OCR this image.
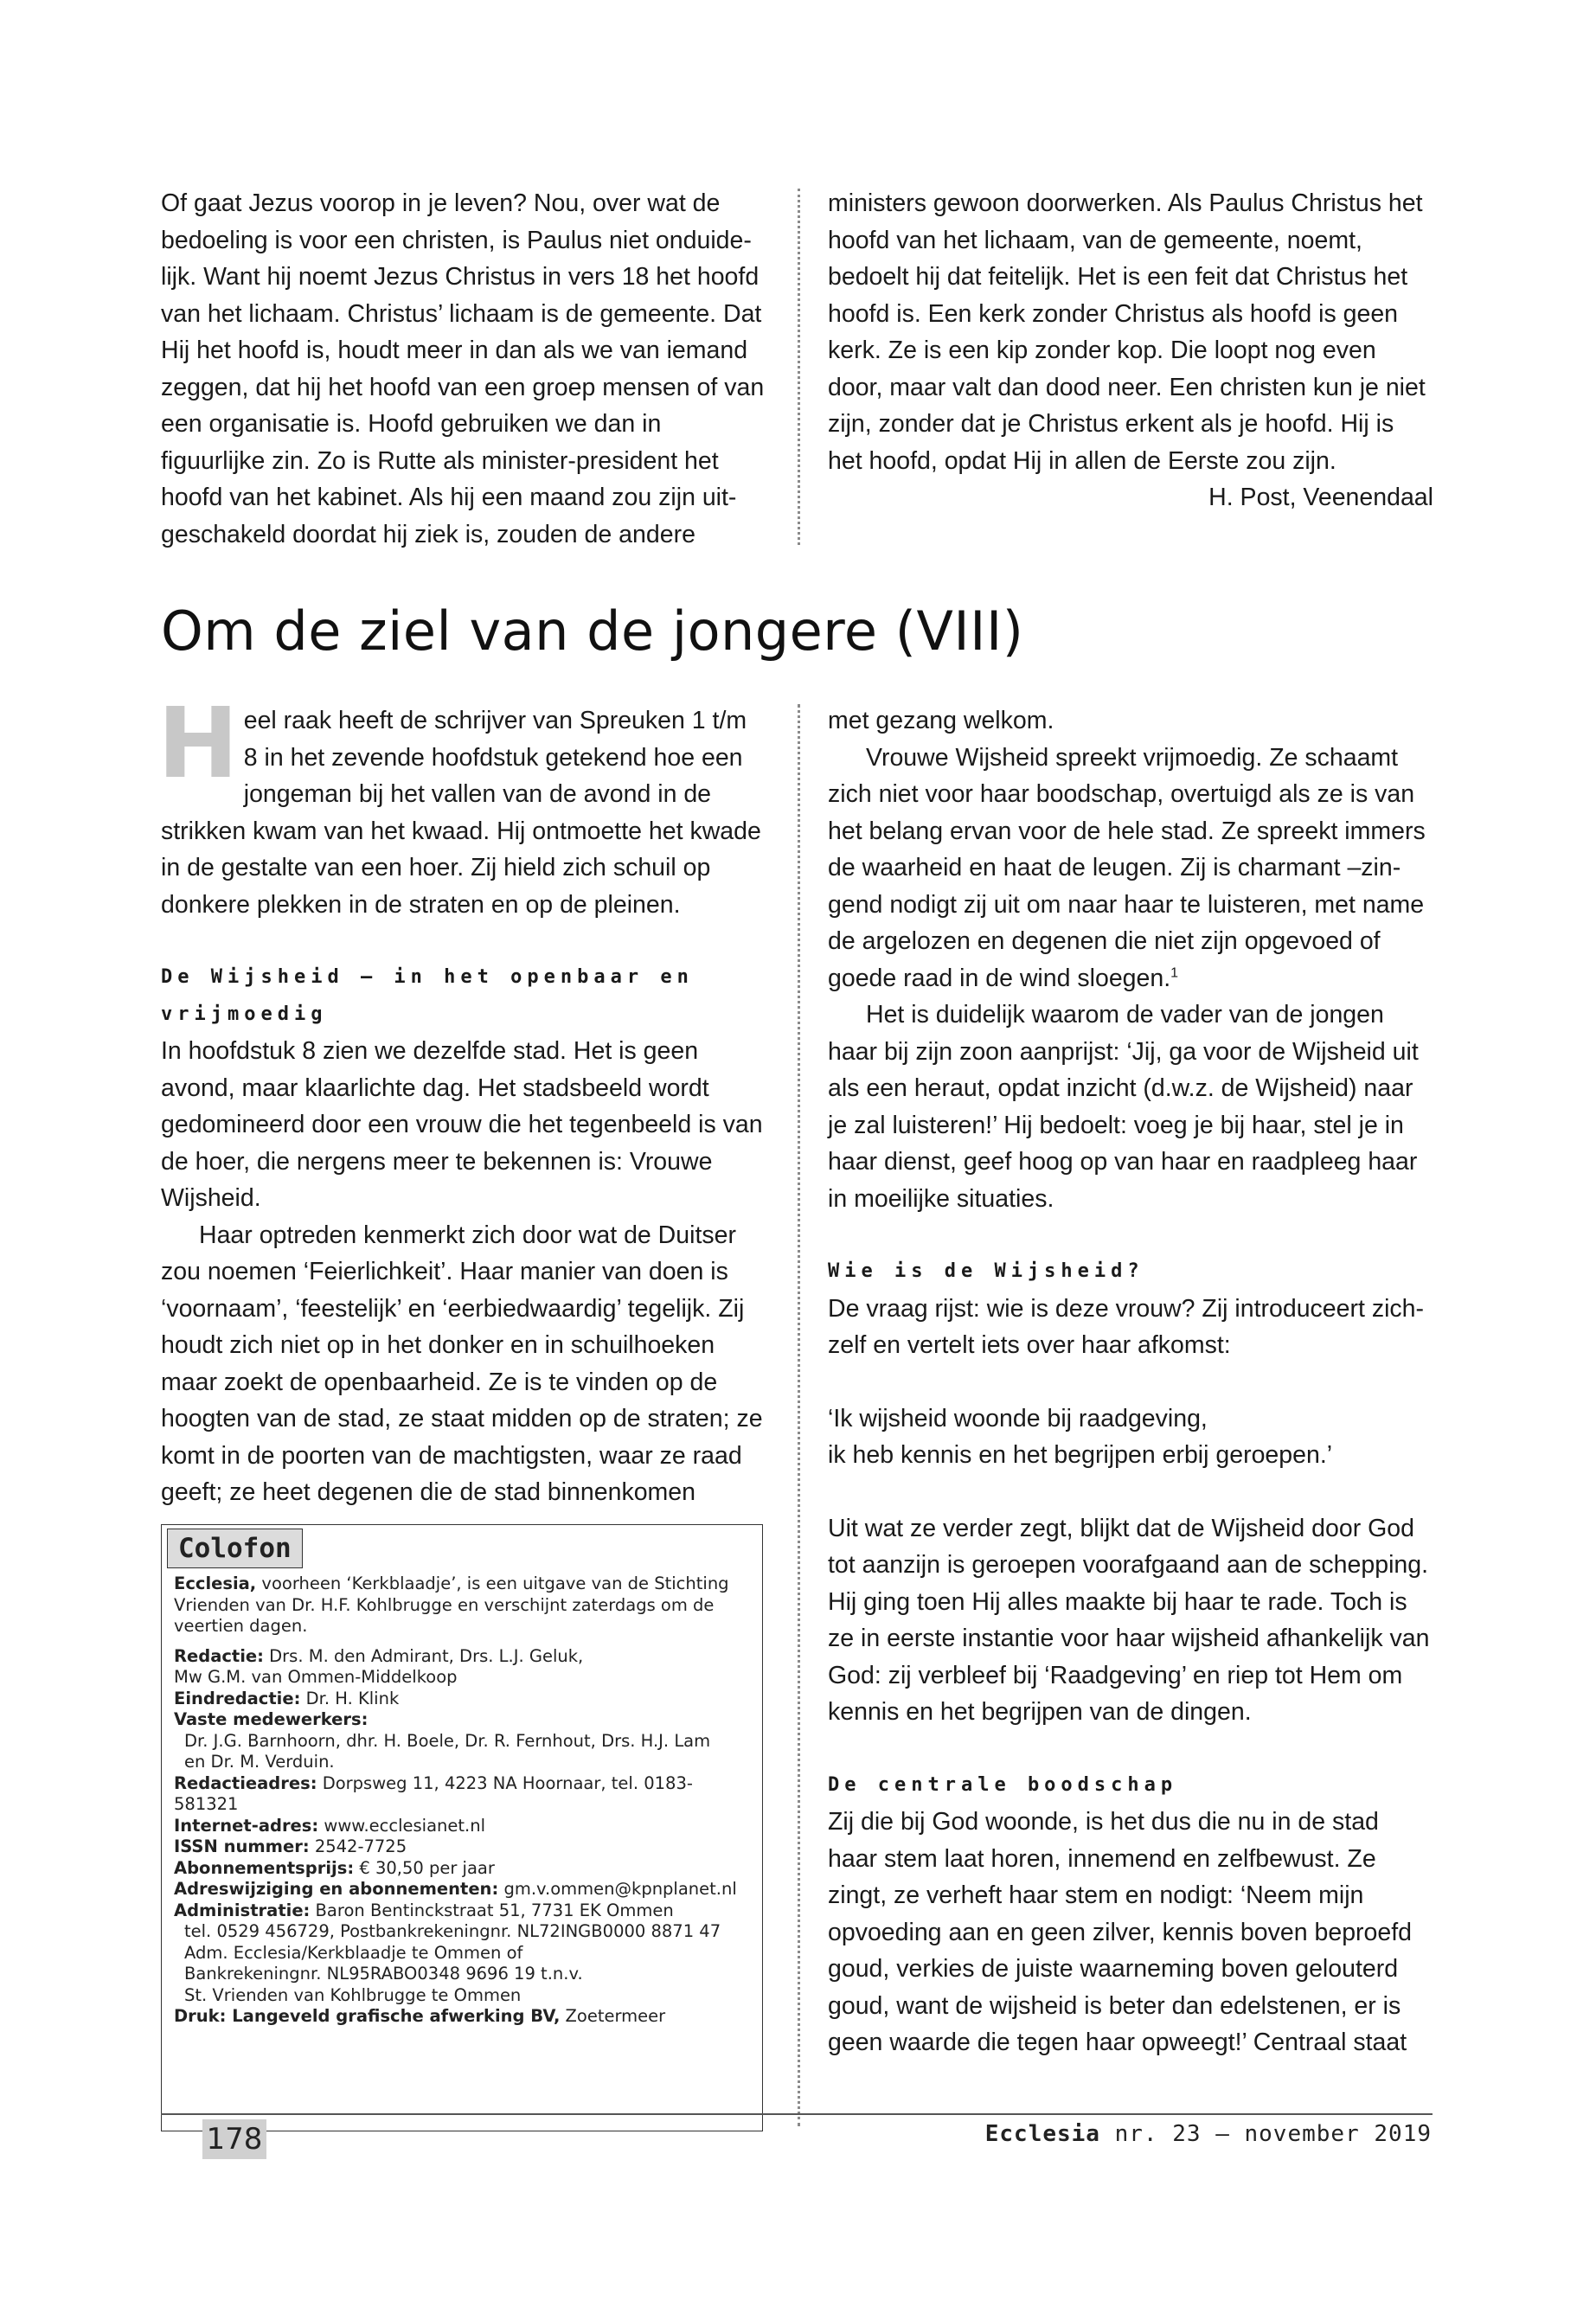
Of gaat Jezus voorop in je leven? Nou, over wat de bedoeling is voor een christen, is Paulus niet onduide-lijk. Want hij noemt Jezus Christus in vers 18 het hoofd van het lichaam. Christus’ lichaam is de gemeente. Dat Hij het hoofd is, houdt meer in dan als we van iemand zeggen, dat hij het hoofd van een groep mensen of van een organisatie is. Hoofd gebruiken we dan in figuurlijke zin. Zo is Rutte als minister-president het hoofd van het kabinet. Als hij een maand zou zijn uit-geschakeld doordat hij ziek is, zouden de andere

ministers gewoon doorwerken. Als Paulus Christus het hoofd van het lichaam, van de gemeente, noemt, bedoelt hij dat feitelijk. Het is een feit dat Christus het hoofd is. Een kerk zonder Christus als hoofd is geen kerk. Ze is een kip zonder kop. Die loopt nog even door, maar valt dan dood neer. Een christen kun je niet zijn, zonder dat je Christus erkent als je hoofd. Hij is het hoofd, opdat Hij in allen de Eerste zou zijn.

H. Post, Veenendaal

Om de ziel van de jongere (VIII)

Heel raak heeft de schrijver van Spreuken 1 t/m 8 in het zevende hoofdstuk getekend hoe een jongeman bij het vallen van de avond in de strikken kwam van het kwaad. Hij ontmoette het kwade in de gestalte van een hoer. Zij hield zich schuil op donkere plekken in de straten en op de pleinen.

De Wijsheid — in het openbaar en vrijmoedig

In hoofdstuk 8 zien we dezelfde stad. Het is geen avond, maar klaarlichte dag. Het stadsbeeld wordt gedomineerd door een vrouw die het tegenbeeld is van de hoer, die nergens meer te bekennen is: Vrouwe Wijsheid.

Haar optreden kenmerkt zich door wat de Duitser zou noemen ‘Feierlichkeit’. Haar manier van doen is ‘voornaam’, ‘feestelijk’ en ‘eerbiedwaardig’ tegelijk. Zij houdt zich niet op in het donker en in schuilhoeken maar zoekt de openbaarheid. Ze is te vinden op de hoogten van de stad, ze staat midden op de straten; ze komt in de poorten van de machtigsten, waar ze raad geeft; ze heet degenen die de stad binnenkomen

met gezang welkom.

Vrouwe Wijsheid spreekt vrijmoedig. Ze schaamt zich niet voor haar boodschap, overtuigd als ze is van het belang ervan voor de hele stad. Ze spreekt immers de waarheid en haat de leugen. Zij is charmant –zin-gend nodigt zij uit om naar haar te luisteren, met name de argelozen en degenen die niet zijn opgevoed of goede raad in de wind sloegen.$^1$

Het is duidelijk waarom de vader van de jongen haar bij zijn zoon aanprijst: ‘Jij, ga voor de Wijsheid uit als een heraut, opdat inzicht (d.w.z. de Wijsheid) naar je zal luisteren!’ Hij bedoelt: voeg je bij haar, stel je in haar dienst, geef hoog op van haar en raadpleeg haar in moeilijke situaties.

Wie is de Wijsheid?

De vraag rijst: wie is deze vrouw? Zij introduceert zich-zelf en vertelt iets over haar afkomst:

‘Ik wijsheid woonde bij raadgeving,

ik heb kennis en het begrijpen erbij geroepen.’

Uit wat ze verder zegt, blijkt dat de Wijsheid door God tot aanzijn is geroepen voorafgaand aan de schepping. Hij ging toen Hij alles maakte bij haar te rade. Toch is ze in eerste instantie voor haar wijsheid afhankelijk van God: zij verbleef bij ‘Raadgeving’ en riep tot Hem om kennis en het begrijpen van de dingen.

De centrale boodschap

Zij die bij God woonde, is het dus die nu in de stad haar stem laat horen, innemend en zelfbewust. Ze zingt, ze verheft haar stem en nodigt: ‘Neem mijn opvoeding aan en geen zilver, kennis boven beproefd goud, verkies de juiste waarneming boven gelouterd goud, want de wijsheid is beter dan edelstenen, er is geen waarde die tegen haar opweegt!’ Centraal staat

Colofon

Ecclesia, voorheen ‘Kerkblaadje’, is een uitgave van de Stichting Vrienden van Dr. H.F. Kohlbrugge en verschijnt zaterdags om de veertien dagen.

Redactie: Drs. M. den Admirant, Drs. L.J. Geluk,

Mw G.M. van Ommen-Middelkoop

Eindredactie: Dr. H. Klink

Vaste medewerkers:

Dr. J.G. Barnhoorn, dhr. H. Boele, Dr. R. Fernhout, Drs. H.J. Lam

en Dr. M. Verduin.

Redactieadres: Dorpsweg 11, 4223 NA Hoornaar, tel. 0183-581321

Internet-adres: www.ecclesianet.nl

ISSN nummer: 2542-7725

Abonnementsprijs: € 30,50 per jaar

Adreswijziging en abonnementen: gm.v.ommen@kpnplanet.nl

Administratie: Baron Bentinckstraat 51, 7731 EK Ommen

tel. 0529 456729, Postbankrekeningnr. NL72INGB0000 8871 47

Adm. Ecclesia/Kerkblaadje te Ommen of

Bankrekeningnr. NL95RABO0348 9696 19 t.n.v.

St. Vrienden van Kohlbrugge te Ommen

Druk: Langeveld grafische afwerking BV, Zoetermeer

178	Ecclesia nr. 23 — november 2019
